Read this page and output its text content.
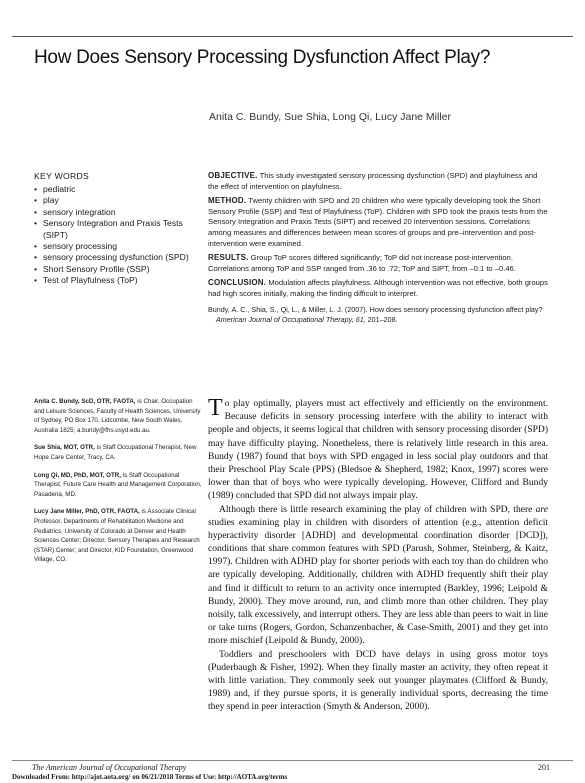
How Does Sensory Processing Dysfunction Affect Play?
Anita C. Bundy, Sue Shia, Long Qi, Lucy Jane Miller
KEY WORDS
• pediatric
• play
• sensory integration
• Sensory Integration and Praxis Tests (SIPT)
• sensory processing
• sensory processing dysfunction (SPD)
• Short Sensory Profile (SSP)
• Test of Playfulness (ToP)

OBJECTIVE. This study investigated sensory processing dysfunction (SPD) and playfulness and the effect of intervention on playfulness.

METHOD. Twenty children with SPD and 20 children who were typically developing took the Short Sensory Profile (SSP) and Test of Playfulness (ToP). Children with SPD took the praxis tests from the Sensory Integration and Praxis Tests (SIPT) and received 20 intervention sessions. Correlations among measures and differences between mean scores of groups and pre–intervention and post-intervention were examined.

RESULTS. Group ToP scores differed significantly; ToP did not increase post-intervention. Correlations among ToP and SSP ranged from .36 to .72; ToP and SIPT, from –0.1 to –0.46.

CONCLUSION. Modulation affects playfulness. Although intervention was not effective, both groups had high scores initially, making the finding difficult to interpret.

Bundy, A. C., Shia, S., Qi, L., & Miller, L. J. (2007). How does sensory processing dysfunction affect play? American Journal of Occupational Therapy, 61, 201–208.

Anita C. Bundy, ScD, OTR, FAOTA, is Chair, Occupation and Leisure Sciences, Faculty of Health Sciences, University of Sydney, PO Box 170, Lidcombe, New South Wales, Australia 1825; a.bundy@fhs.usyd.edu.au.

Sue Shia, MOT, OTR, is Staff Occupational Therapist, New Hope Care Center, Tracy, CA.

Long Qi, MD, PhD, MOT, OTR, is Staff Occupational Therapist, Future Care Health and Management Corporation, Pasadena, MD.

Lucy Jane Miller, PhD, OTR, FAOTA, is Associate Clinical Professor, Departments of Rehabilitation Medicine and Pediatrics, University of Colorado at Denver and Health Sciences Center; Director, Sensory Therapies and Research (STAR) Center; and Director, KID Foundation, Greenwood Village, CO.

To play optimally, players must act effectively and efficiently on the environment. Because deficits in sensory processing interfere with the ability to interact with people and objects, it seems logical that children with sensory processing disorder (SPD) may have difficulty playing. Nonetheless, there is relatively little research in this area. Bundy (1987) found that boys with SPD engaged in less social play outdoors and that their Preschool Play Scale (PPS) (Bledsoe & Shepherd, 1982; Knox, 1997) scores were lower than that of boys who were typically developing. However, Clifford and Bundy (1989) concluded that SPD did not always impair play.

Although there is little research examining the play of children with SPD, there are studies examining play in children with disorders of attention (e.g., attention deficit hyperactivity disorder [ADHD] and developmental coordination disorder [DCD]), conditions that share common features with SPD (Parush, Sohmer, Steinberg, & Kaitz, 1997). Children with ADHD play for shorter periods with each toy than do children who are typically developing. Additionally, children with ADHD frequently shift their play and find it difficult to return to an activity once interrupted (Barkley, 1996; Leipold & Bundy, 2000). They move around, run, and climb more than other children. They play noisily, talk excessively, and interrupt others. They are less able than peers to wait in line or take turns (Rogers, Gordon, Schanzenbacher, & Case-Smith, 2001) and they get into more mischief (Leipold & Bundy, 2000).

Toddlers and preschoolers with DCD have delays in using gross motor toys (Puderbaugh & Fisher, 1992). When they finally master an activity, they often repeat it with little variation. They commonly seek out younger playmates (Clifford & Bundy, 1989) and, if they pursue sports, it is generally individual sports, decreasing the time they spend in peer interaction (Smyth & Anderson, 2000).

The American Journal of Occupational Therapy	201
Downloaded From: http://ajot.aota.org/ on 06/21/2018 Terms of Use: http://AOTA.org/terms
